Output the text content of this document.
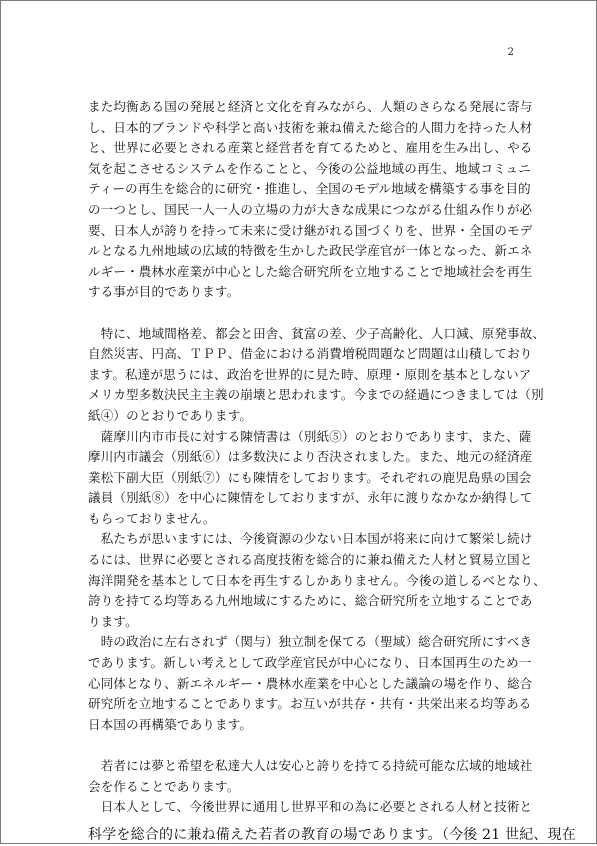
2
また均衡ある国の発展と経済と文化を育みながら、人類のさらなる発展に寄与
し、日本的ブランドや科学と高い技術を兼ね備えた総合的人間力を持った人材
と、世界に必要とされる産業と経営者を育てるためと、雇用を生み出し、やる
気を起こさせるシステムを作ることと、今後の公益地域の再生、地域コミュニ
ティーの再生を総合的に研究・推進し、全国のモデル地域を構築する事を目的
の一つとし、国民一人一人の立場の力が大きな成果につながる仕組み作りが必
要、日本人が誇りを持って未来に受け継がれる国づくりを、世界・全国のモデ
ルとなる九州地域の広域的特徴を生かした政民学産官が一体となった、新エネ
ルギー・農林水産業が中心とした総合研究所を立地することで地域社会を再生
する事が目的であります。
　特に、地域間格差、都会と田舎、貧富の差、少子高齢化、人口減、原発事故、
自然災害、円高、ＴＰＰ、借金における消費増税問題など問題は山積しており
ます。私達が思うには、政治を世界的に見た時、原理・原則を基本としないア
メリカ型多数決民主主義の崩壊と思われます。今までの経過につきましては（別
紙④）のとおりであります。
　薩摩川内市市長に対する陳情書は（別紙⑤）のとおりであります、また、薩
摩川内市議会（別紙⑥）は多数決により否決されました。また、地元の経済産
業松下副大臣（別紙⑦）にも陳情をしております。それぞれの鹿児島県の国会
議員（別紙⑧）を中心に陳情をしておりますが、永年に渡りなかなか納得して
もらっておりません。
　私たちが思いますには、今後資源の少ない日本国が将来に向けて繁栄し続け
るには、世界に必要とされる高度技術を総合的に兼ね備えた人材と貿易立国と
海洋開発を基本として日本を再生するしかありません。今後の道しるべとなり、
誇りを持てる均等ある九州地域にするために、総合研究所を立地することであ
ります。
　時の政治に左右されず（関与）独立制を保てる（聖域）総合研究所にすべき
であります。新しい考えとして政学産官民が中心になり、日本国再生のため一
心同体となり、新エネルギー・農林水産業を中心とした議論の場を作り、総合
研究所を立地することであります。お互いが共存・共有・共栄出来る均等ある
日本国の再構築であります。
　若者には夢と希望を私達大人は安心と誇りを持てる持続可能な広域的地域社
会を作ることであります。
　日本人として、今後世界に通用し世界平和の為に必要とされる人材と技術と
科学を総合的に兼ね備えた若者の教育の場であります。（今後 21 世紀、現在
